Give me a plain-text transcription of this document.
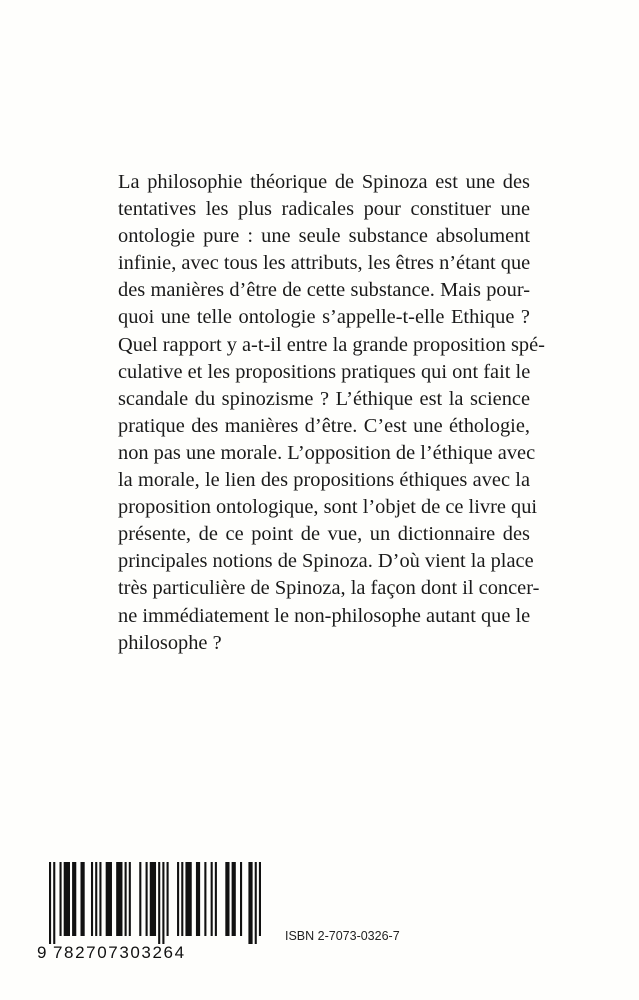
La philosophie théorique de Spinoza est une des
tentatives les plus radicales pour constituer une
ontologie pure : une seule substance absolument
infinie, avec tous les attributs, les êtres n’étant que
des manières d’être de cette substance. Mais pour-
quoi une telle ontologie s’appelle-t-elle Ethique ?
Quel rapport y a-t-il entre la grande proposition spé-
culative et les propositions pratiques qui ont fait le
scandale du spinozisme ? L’éthique est la science
pratique des manières d’être. C’est une éthologie,
non pas une morale. L’opposition de l’éthique avec
la morale, le lien des propositions éthiques avec la
proposition ontologique, sont l’objet de ce livre qui
présente, de ce point de vue, un dictionnaire des
principales notions de Spinoza. D’où vient la place
très particulière de Spinoza, la façon dont il concer-
ne immédiatement le non-philosophe autant que le
philosophe ?
9 782707303264
ISBN 2-7073-0326-7
